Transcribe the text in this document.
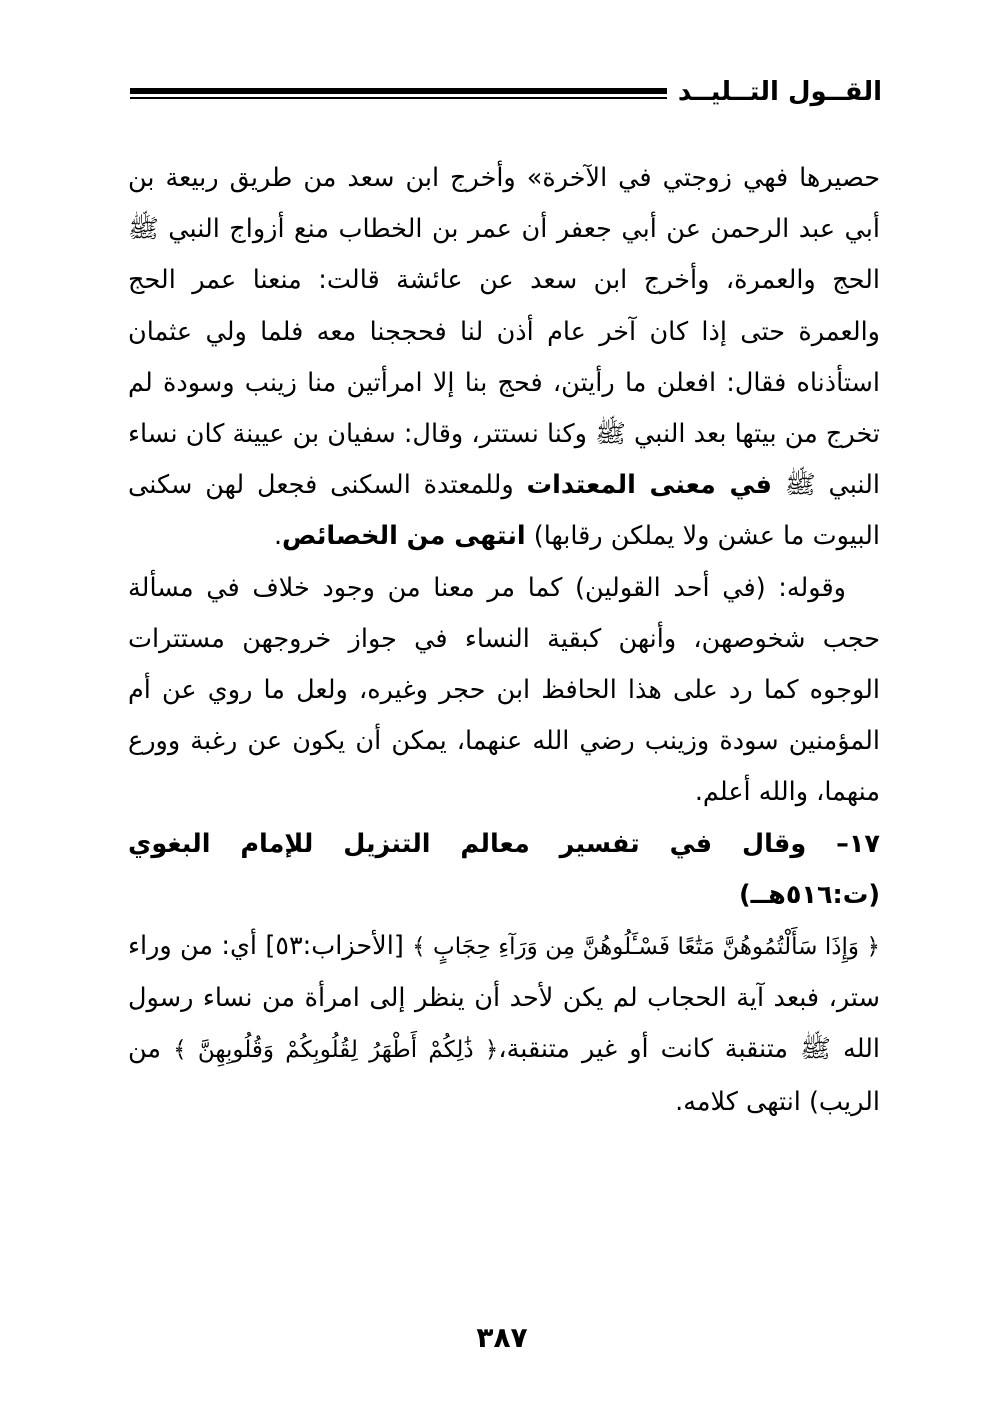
القــول التــليــد

حصيرها فهي زوجتي في الآخرة» وأخرج ابن سعد من طريق ربيعة بن أبي عبد الرحمن عن أبي جعفر أن عمر بن الخطاب منع أزواج النبي ﷺ الحج والعمرة، وأخرج ابن سعد عن عائشة قالت: منعنا عمر الحج والعمرة حتى إذا كان آخر عام أذن لنا فحججنا معه فلما ولي عثمان استأذناه فقال: افعلن ما رأيتن، فحج بنا إلا امرأتين منا زينب وسودة لم تخرج من بيتها بعد النبي ﷺ وكنا نستتر، وقال: سفيان بن عيينة كان نساء النبي ﷺ في معنى المعتدات وللمعتدة السكنى فجعل لهن سكنى البيوت ما عشن ولا يملكن رقابها) انتهى من الخصائص.

وقوله: (في أحد القولين) كما مر معنا من وجود خلاف في مسألة حجب شخوصهن، وأنهن كبقية النساء في جواز خروجهن مستترات الوجوه كما رد على هذا الحافظ ابن حجر وغيره، ولعل ما روي عن أم المؤمنين سودة وزينب رضي الله عنهما، يمكن أن يكون عن رغبة وورع منهما، والله أعلم.

١٧– وقال في تفسير معالم التنزيل للإمام البغوي (ت:٥١٦هــ)

﴿ وَإِذَا سَأَلْتُمُوهُنَّ مَتَٰعًا فَسْـَٔلُوهُنَّ مِن وَرَآءِ حِجَابٍ ﴾ [الأحزاب:٥٣] أي: من وراء ستر، فبعد آية الحجاب لم يكن لأحد أن ينظر إلى امرأة من نساء رسول الله ﷺ متنقبة كانت أو غير متنقبة،﴿ ذَٰلِكُمْ أَطْهَرُ لِقُلُوبِكُمْ وَقُلُوبِهِنَّ ﴾ من الريب) انتهى كلامه.

٣٨٧
